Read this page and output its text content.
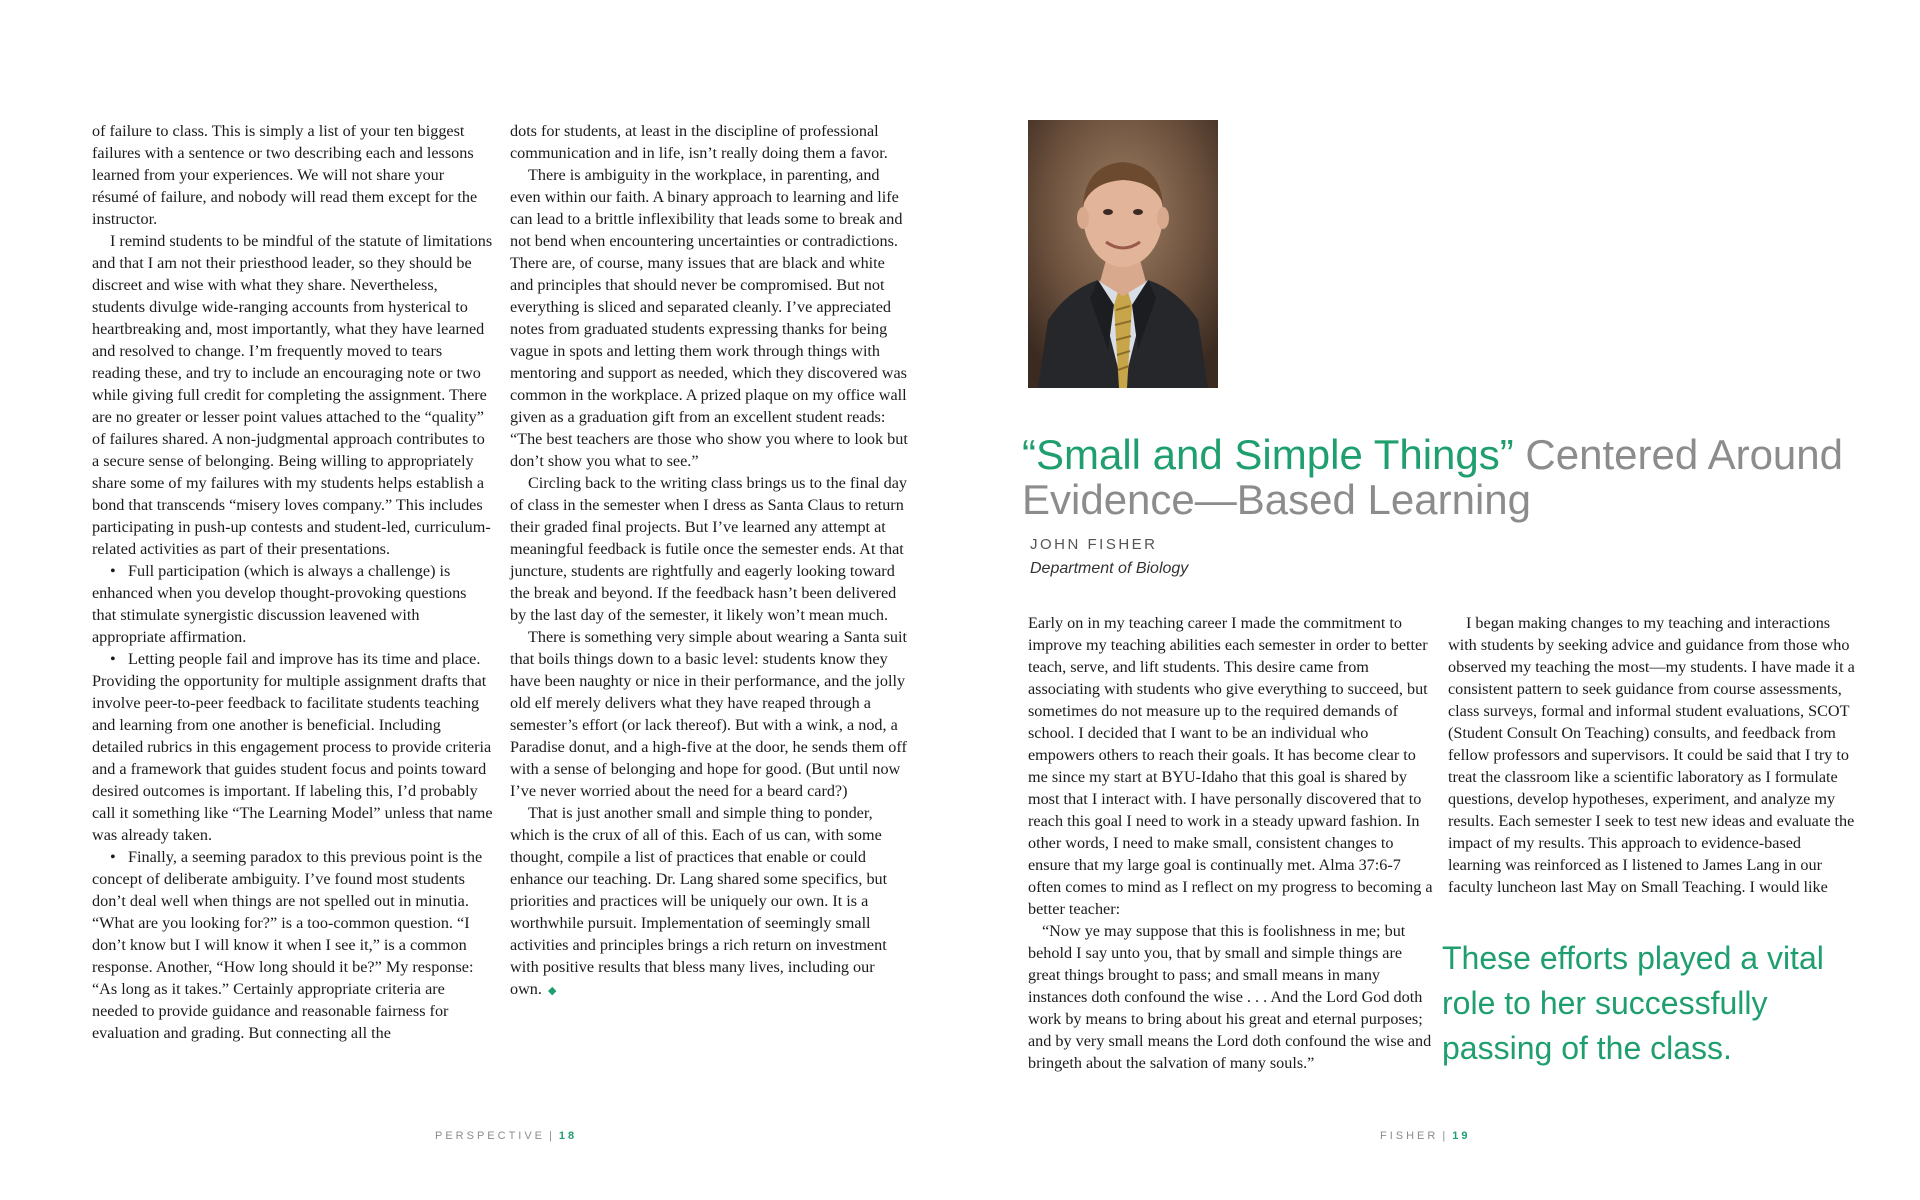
of failure to class. This is simply a list of your ten biggest failures with a sentence or two describing each and lessons learned from your experiences. We will not share your résumé of failure, and nobody will read them except for the instructor.

I remind students to be mindful of the statute of limitations and that I am not their priesthood leader, so they should be discreet and wise with what they share. Nevertheless, students divulge wide-ranging accounts from hysterical to heartbreaking and, most importantly, what they have learned and resolved to change. I’m frequently moved to tears reading these, and try to include an encouraging note or two while giving full credit for completing the assignment. There are no greater or lesser point values attached to the “quality” of failures shared. A non-judgmental approach contributes to a secure sense of belonging. Being willing to appropriately share some of my failures with my students helps establish a bond that transcends “misery loves company.” This includes participating in push-up contests and student-led, curriculum-related activities as part of their presentations.

• Full participation (which is always a challenge) is enhanced when you develop thought-provoking questions that stimulate synergistic discussion leavened with appropriate affirmation.

• Letting people fail and improve has its time and place. Providing the opportunity for multiple assignment drafts that involve peer-to-peer feedback to facilitate students teaching and learning from one another is beneficial. Including detailed rubrics in this engagement process to provide criteria and a framework that guides student focus and points toward desired outcomes is important. If labeling this, I’d probably call it something like “The Learning Model” unless that name was already taken.

• Finally, a seeming paradox to this previous point is the concept of deliberate ambiguity. I’ve found most students don’t deal well when things are not spelled out in minutia. “What are you looking for?” is a too-common question. “I don’t know but I will know it when I see it,” is a common response. Another, “How long should it be?” My response: “As long as it takes.” Certainly appropriate criteria are needed to provide guidance and reasonable fairness for evaluation and grading. But connecting all the

dots for students, at least in the discipline of professional communication and in life, isn’t really doing them a favor.

There is ambiguity in the workplace, in parenting, and even within our faith. A binary approach to learning and life can lead to a brittle inflexibility that leads some to break and not bend when encountering uncertainties or contradictions. There are, of course, many issues that are black and white and principles that should never be compromised. But not everything is sliced and separated cleanly. I’ve appreciated notes from graduated students expressing thanks for being vague in spots and letting them work through things with mentoring and support as needed, which they discovered was common in the workplace. A prized plaque on my office wall given as a graduation gift from an excellent student reads: “The best teachers are those who show you where to look but don’t show you what to see.”

Circling back to the writing class brings us to the final day of class in the semester when I dress as Santa Claus to return their graded final projects. But I’ve learned any attempt at meaningful feedback is futile once the semester ends. At that juncture, students are rightfully and eagerly looking toward the break and beyond. If the feedback hasn’t been delivered by the last day of the semester, it likely won’t mean much.

There is something very simple about wearing a Santa suit that boils things down to a basic level: students know they have been naughty or nice in their performance, and the jolly old elf merely delivers what they have reaped through a semester’s effort (or lack thereof). But with a wink, a nod, a Paradise donut, and a high-five at the door, he sends them off with a sense of belonging and hope for good. (But until now I’ve never worried about the need for a beard card?)

That is just another small and simple thing to ponder, which is the crux of all of this. Each of us can, with some thought, compile a list of practices that enable or could enhance our teaching. Dr. Lang shared some specifics, but priorities and practices will be uniquely our own. It is a worthwhile pursuit. Implementation of seemingly small activities and principles brings a rich return on investment with positive results that bless many lives, including our own. ◆

PERSPECTIVE | 18
“Small and Simple Things” Centered Around Evidence—Based Learning
JOHN FISHER
Department of Biology

Early on in my teaching career I made the commitment to improve my teaching abilities each semester in order to better teach, serve, and lift students. This desire came from associating with students who give everything to succeed, but sometimes do not measure up to the required demands of school. I decided that I want to be an individual who empowers others to reach their goals. It has become clear to me since my start at BYU-Idaho that this goal is shared by most that I interact with. I have personally discovered that to reach this goal I need to work in a steady upward fashion. In other words, I need to make small, consistent changes to ensure that my large goal is continually met. Alma 37:6-7 often comes to mind as I reflect on my progress to becoming a better teacher:

“Now ye may suppose that this is foolishness in me; but behold I say unto you, that by small and simple things are great things brought to pass; and small means in many instances doth confound the wise . . . And the Lord God doth work by means to bring about his great and eternal purposes; and by very small means the Lord doth confound the wise and bringeth about the salvation of many souls.”

I began making changes to my teaching and interactions with students by seeking advice and guidance from those who observed my teaching the most—my students. I have made it a consistent pattern to seek guidance from course assessments, class surveys, formal and informal student evaluations, SCOT (Student Consult On Teaching) consults, and feedback from fellow professors and supervisors. It could be said that I try to treat the classroom like a scientific laboratory as I formulate questions, develop hypotheses, experiment, and analyze my results. Each semester I seek to test new ideas and evaluate the impact of my results. This approach to evidence-based learning was reinforced as I listened to James Lang in our faculty luncheon last May on Small Teaching. I would like

These efforts played a vital role to her successfully passing of the class.
FISHER | 19
